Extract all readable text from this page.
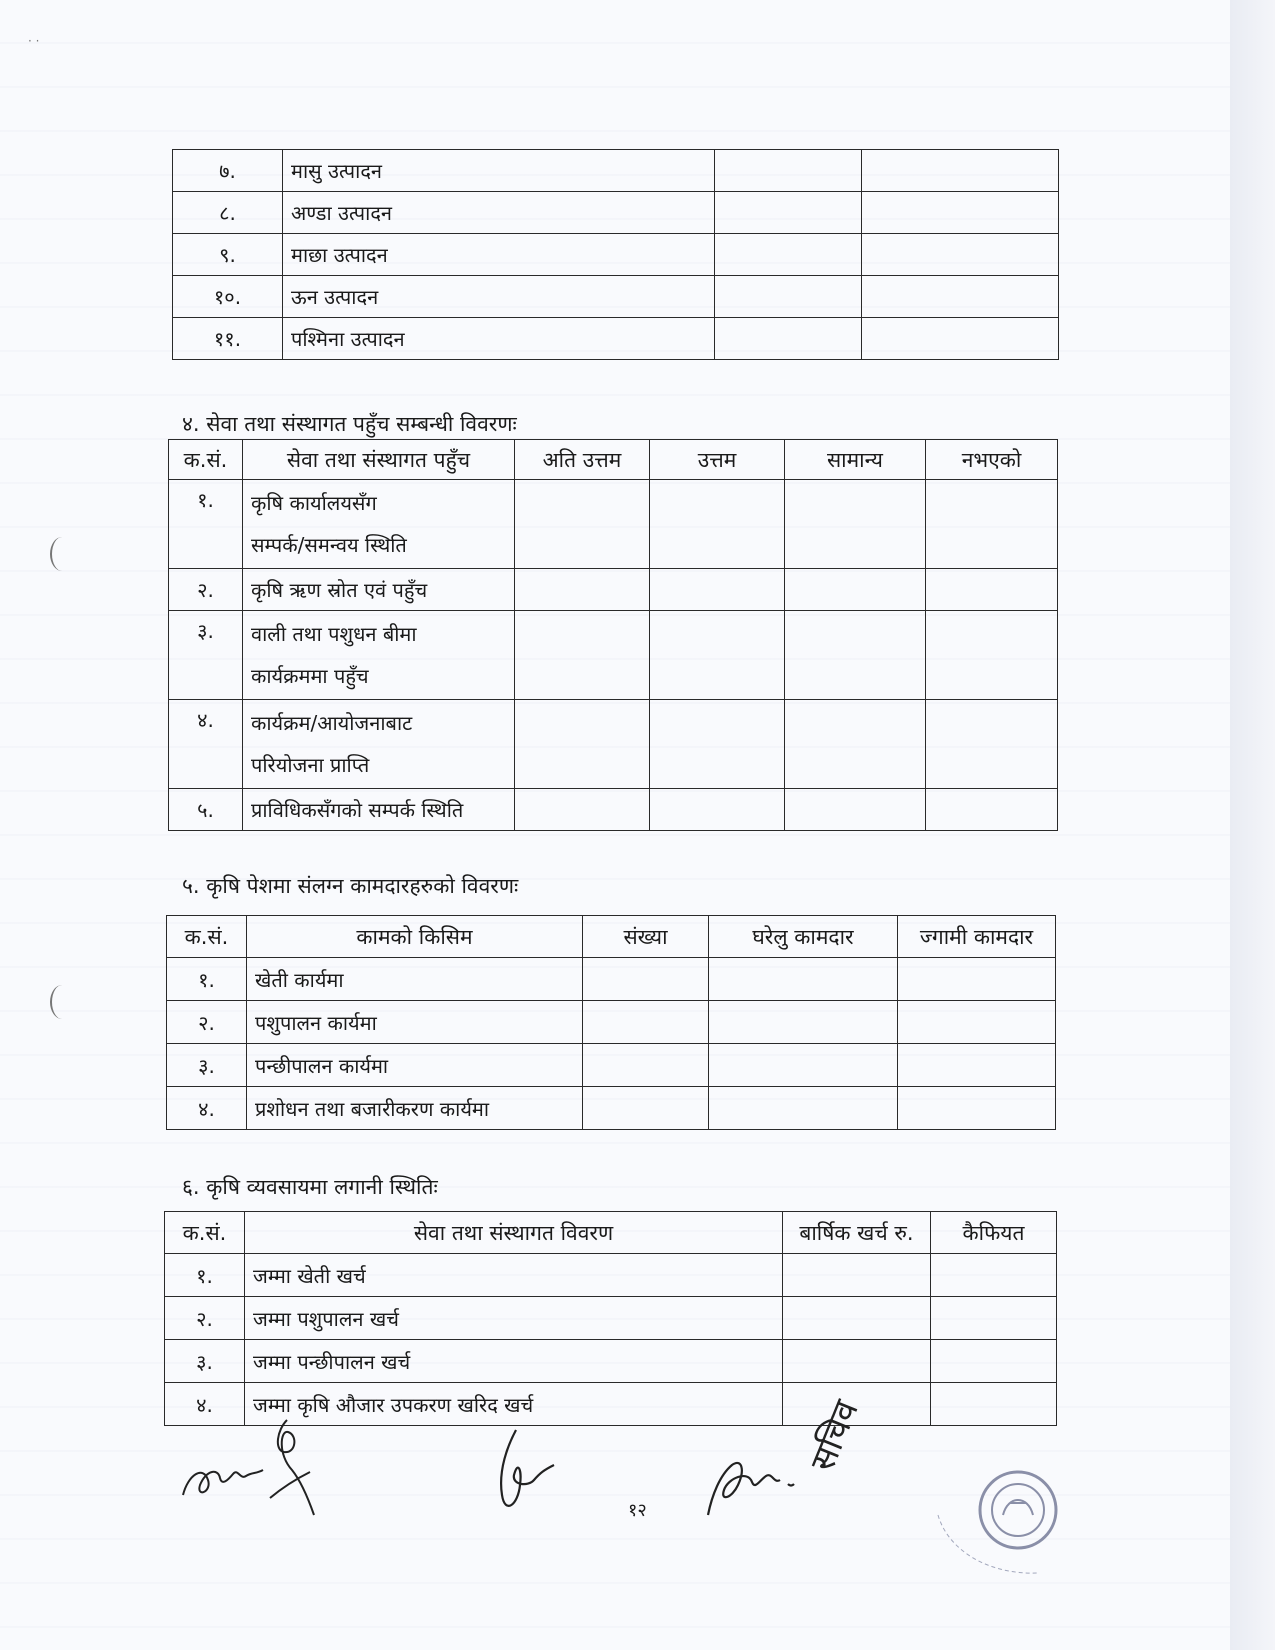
· ·
७.	मासु उत्पादन		
८.	अण्डा उत्पादन		
९.	माछा उत्पादन		
१०.	ऊन उत्पादन		
११.	पश्मिना उत्पादन		
४. सेवा तथा संस्थागत पहुँच सम्बन्धी विवरणः
क.सं.	सेवा तथा संस्थागत पहुँच	अति उत्तम	उत्तम	सामान्य	नभएको
१.	कृषि कार्यालयसँग
सम्पर्क/समन्वय स्थिति				

२.	कृषि ऋण स्रोत एवं पहुँच				
३.	वाली तथा पशुधन बीमा
कार्यक्रममा पहुँच				

४.	कार्यक्रम/आयोजनाबाट
परियोजना प्राप्ति				

५.	प्राविधिकसँगको सम्पर्क स्थिति				
५. कृषि पेशमा संलग्न कामदारहरुको विवरणः
क.सं.	कामको किसिम	संख्या	घरेलु कामदार	ज्गामी कामदार
१.	खेती कार्यमा			
२.	पशुपालन कार्यमा			
३.	पन्छीपालन कार्यमा			
४.	प्रशोधन तथा बजारीकरण कार्यमा			
६. कृषि व्यवसायमा लगानी स्थितिः
क.सं.	सेवा तथा संस्थागत विवरण	बार्षिक खर्च रु.	कैफियत
१.	जम्मा खेती खर्च		
२.	जम्मा पशुपालन खर्च		
३.	जम्मा पन्छीपालन खर्च		
४.	जम्मा कृषि औजार उपकरण खरिद खर्च		
१२
सचिव
